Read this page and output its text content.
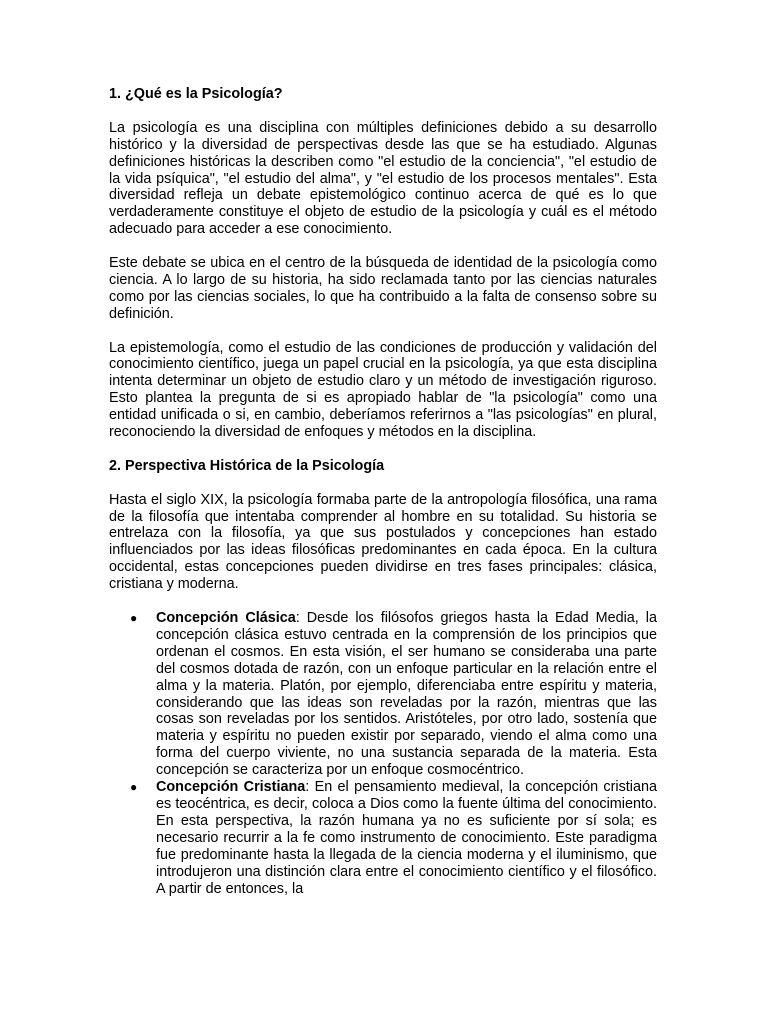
1. ¿Qué es la Psicología?

La psicología es una disciplina con múltiples definiciones debido a su desarrollo histórico y la diversidad de perspectivas desde las que se ha estudiado. Algunas definiciones históricas la describen como "el estudio de la conciencia", "el estudio de la vida psíquica", "el estudio del alma", y "el estudio de los procesos mentales". Esta diversidad refleja un debate epistemológico continuo acerca de qué es lo que verdaderamente constituye el objeto de estudio de la psicología y cuál es el método adecuado para acceder a ese conocimiento.

Este debate se ubica en el centro de la búsqueda de identidad de la psicología como ciencia. A lo largo de su historia, ha sido reclamada tanto por las ciencias naturales como por las ciencias sociales, lo que ha contribuido a la falta de consenso sobre su definición.

La epistemología, como el estudio de las condiciones de producción y validación del conocimiento científico, juega un papel crucial en la psicología, ya que esta disciplina intenta determinar un objeto de estudio claro y un método de investigación riguroso. Esto plantea la pregunta de si es apropiado hablar de "la psicología" como una entidad unificada o si, en cambio, deberíamos referirnos a "las psicologías" en plural, reconociendo la diversidad de enfoques y métodos en la disciplina.

2. Perspectiva Histórica de la Psicología

Hasta el siglo XIX, la psicología formaba parte de la antropología filosófica, una rama de la filosofía que intentaba comprender al hombre en su totalidad. Su historia se entrelaza con la filosofía, ya que sus postulados y concepciones han estado influenciados por las ideas filosóficas predominantes en cada época. En la cultura occidental, estas concepciones pueden dividirse en tres fases principales: clásica, cristiana y moderna.

● Concepción Clásica: Desde los filósofos griegos hasta la Edad Media, la concepción clásica estuvo centrada en la comprensión de los principios que ordenan el cosmos. En esta visión, el ser humano se consideraba una parte del cosmos dotada de razón, con un enfoque particular en la relación entre el alma y la materia. Platón, por ejemplo, diferenciaba entre espíritu y materia, considerando que las ideas son reveladas por la razón, mientras que las cosas son reveladas por los sentidos. Aristóteles, por otro lado, sostenía que materia y espíritu no pueden existir por separado, viendo el alma como una forma del cuerpo viviente, no una sustancia separada de la materia. Esta concepción se caracteriza por un enfoque cosmocéntrico.
● Concepción Cristiana: En el pensamiento medieval, la concepción cristiana es teocéntrica, es decir, coloca a Dios como la fuente última del conocimiento. En esta perspectiva, la razón humana ya no es suficiente por sí sola; es necesario recurrir a la fe como instrumento de conocimiento. Este paradigma fue predominante hasta la llegada de la ciencia moderna y el iluminismo, que introdujeron una distinción clara entre el conocimiento científico y el filosófico. A partir de entonces, la
